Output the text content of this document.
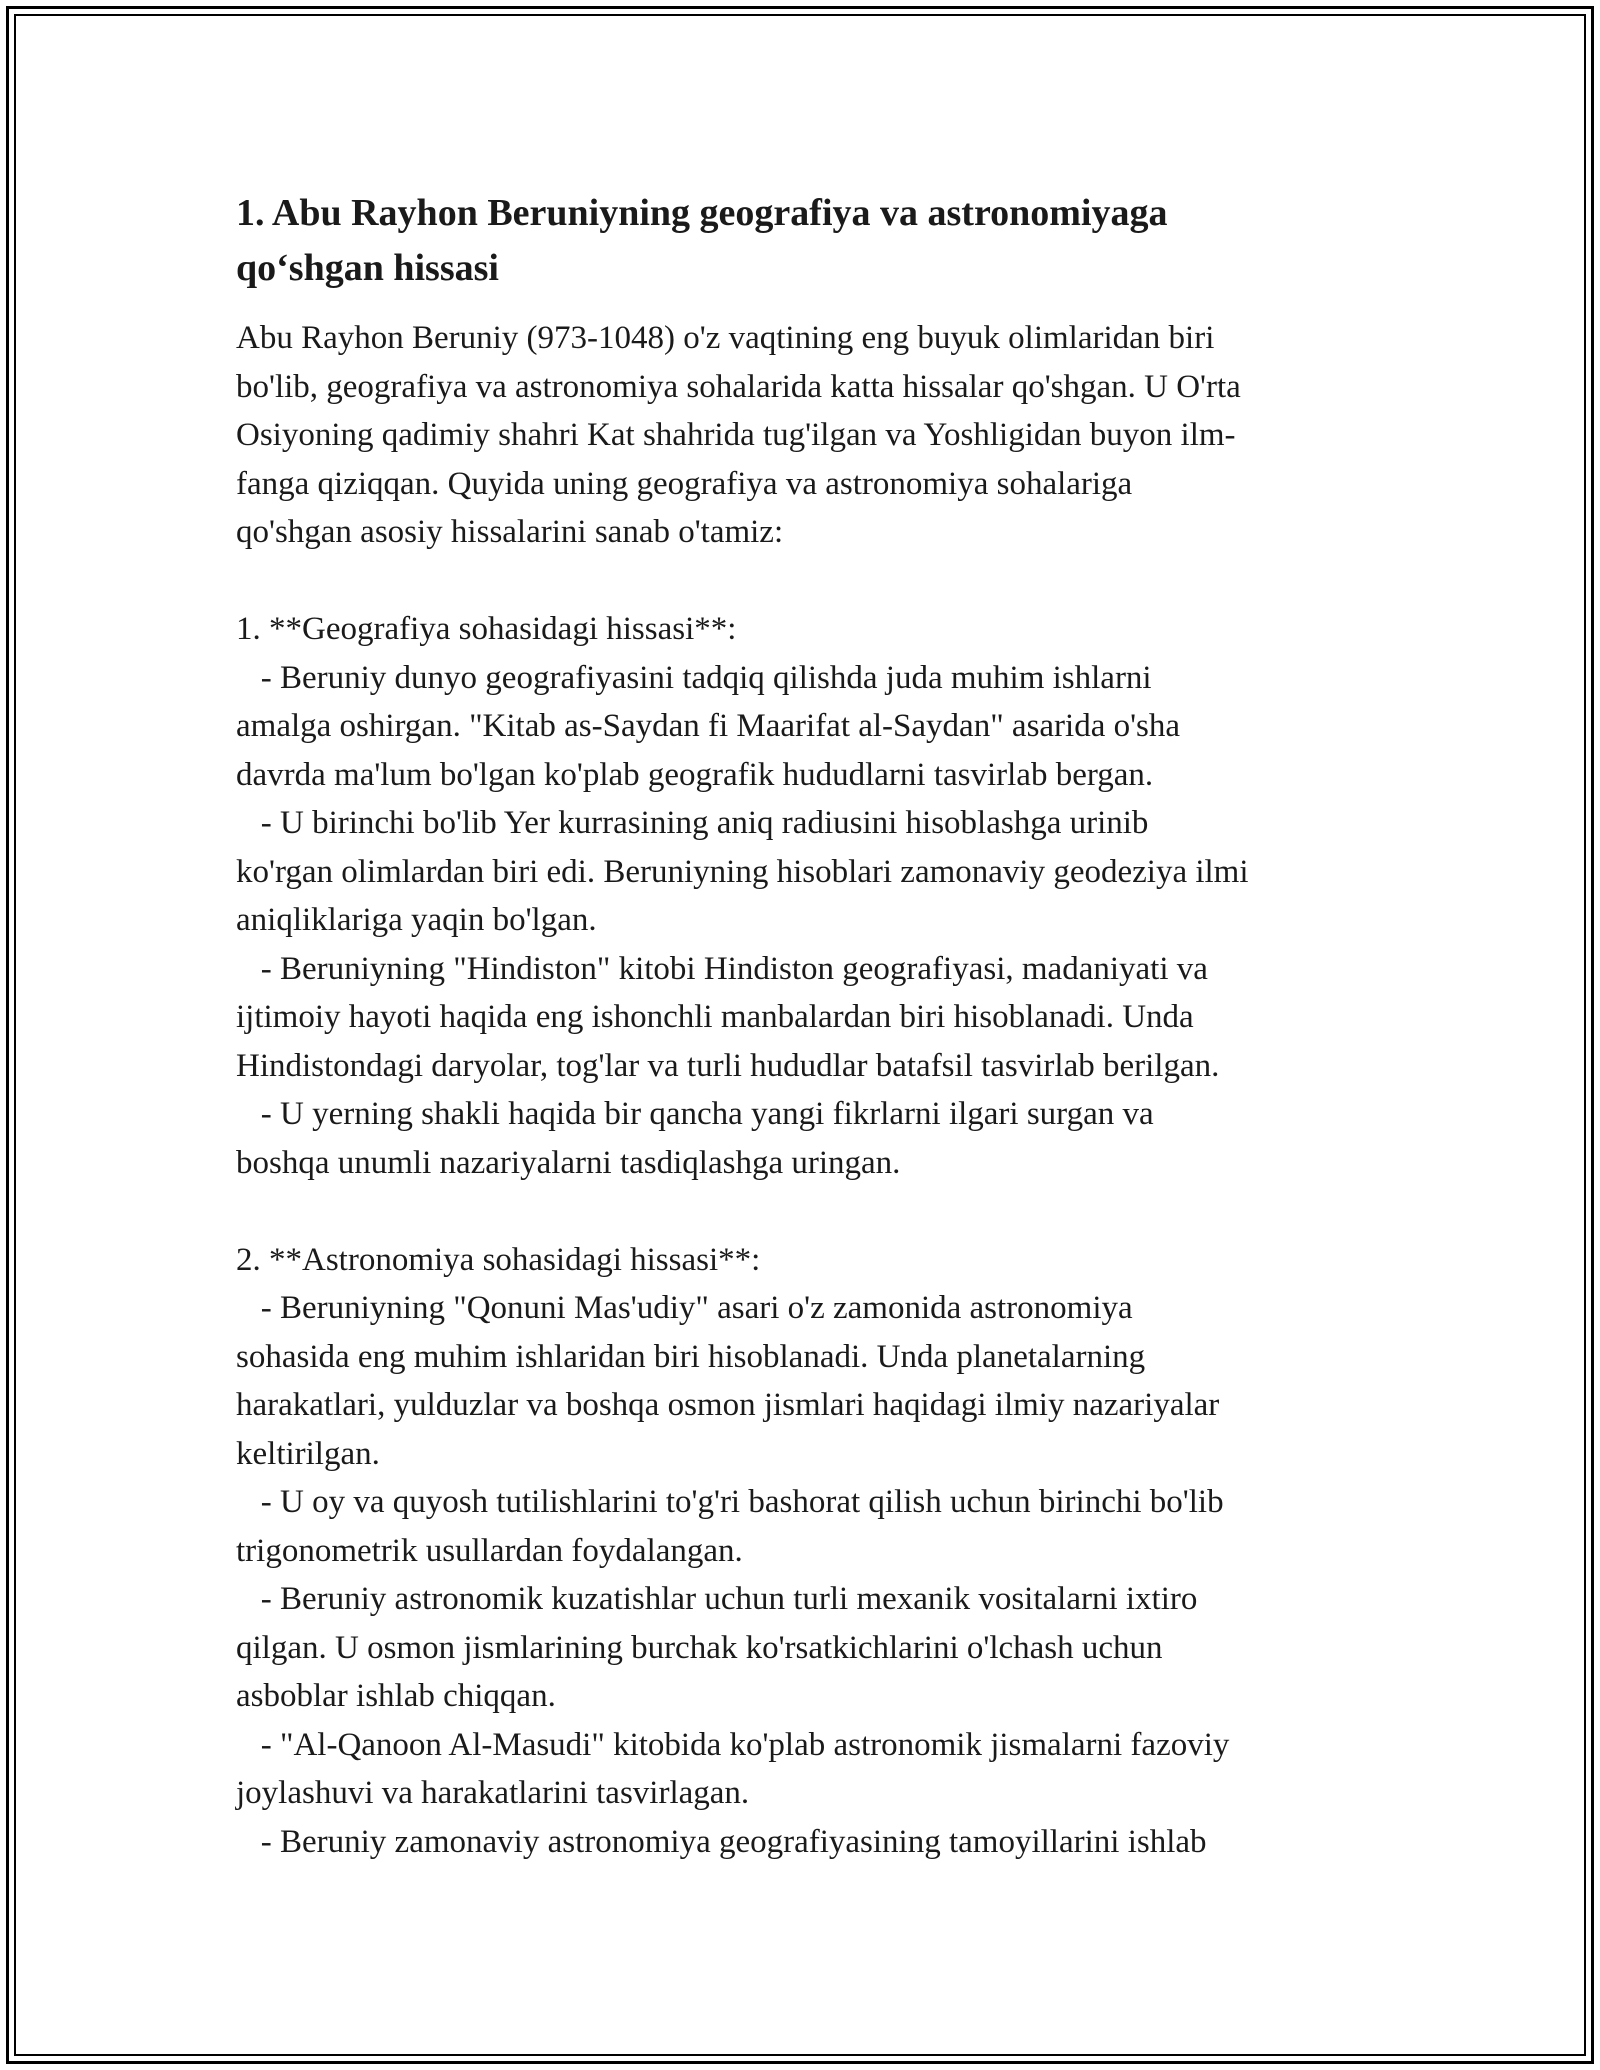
1. Abu Rayhon Beruniyning geografiya va astronomiyaga
qo‘shgan hissasi
Abu Rayhon Beruniy (973-1048) o'z vaqtining eng buyuk olimlaridan biri
bo'lib, geografiya va astronomiya sohalarida katta hissalar qo'shgan. U O'rta
Osiyoning qadimiy shahri Kat shahrida tug'ilgan va Yoshligidan buyon ilm-
fanga qiziqqan. Quyida uning geografiya va astronomiya sohalariga
qo'shgan asosiy hissalarini sanab o'tamiz:
1. **Geografiya sohasidagi hissasi**:
- Beruniy dunyo geografiyasini tadqiq qilishda juda muhim ishlarni
amalga oshirgan. "Kitab as-Saydan fi Maarifat al-Saydan" asarida o'sha
davrda ma'lum bo'lgan ko'plab geografik hududlarni tasvirlab bergan.
- U birinchi bo'lib Yer kurrasining aniq radiusini hisoblashga urinib
ko'rgan olimlardan biri edi. Beruniyning hisoblari zamonaviy geodeziya ilmi
aniqliklariga yaqin bo'lgan.
- Beruniyning "Hindiston" kitobi Hindiston geografiyasi, madaniyati va
ijtimoiy hayoti haqida eng ishonchli manbalardan biri hisoblanadi. Unda
Hindistondagi daryolar, tog'lar va turli hududlar batafsil tasvirlab berilgan.
- U yerning shakli haqida bir qancha yangi fikrlarni ilgari surgan va
boshqa unumli nazariyalarni tasdiqlashga uringan.
2. **Astronomiya sohasidagi hissasi**:
- Beruniyning "Qonuni Mas'udiy" asari o'z zamonida astronomiya
sohasida eng muhim ishlaridan biri hisoblanadi. Unda planetalarning
harakatlari, yulduzlar va boshqa osmon jismlari haqidagi ilmiy nazariyalar
keltirilgan.
- U oy va quyosh tutilishlarini to'g'ri bashorat qilish uchun birinchi bo'lib
trigonometrik usullardan foydalangan.
- Beruniy astronomik kuzatishlar uchun turli mexanik vositalarni ixtiro
qilgan. U osmon jismlarining burchak ko'rsatkichlarini o'lchash uchun
asboblar ishlab chiqqan.
- "Al-Qanoon Al-Masudi" kitobida ko'plab astronomik jismalarni fazoviy
joylashuvi va harakatlarini tasvirlagan.
- Beruniy zamonaviy astronomiya geografiyasining tamoyillarini ishlab
